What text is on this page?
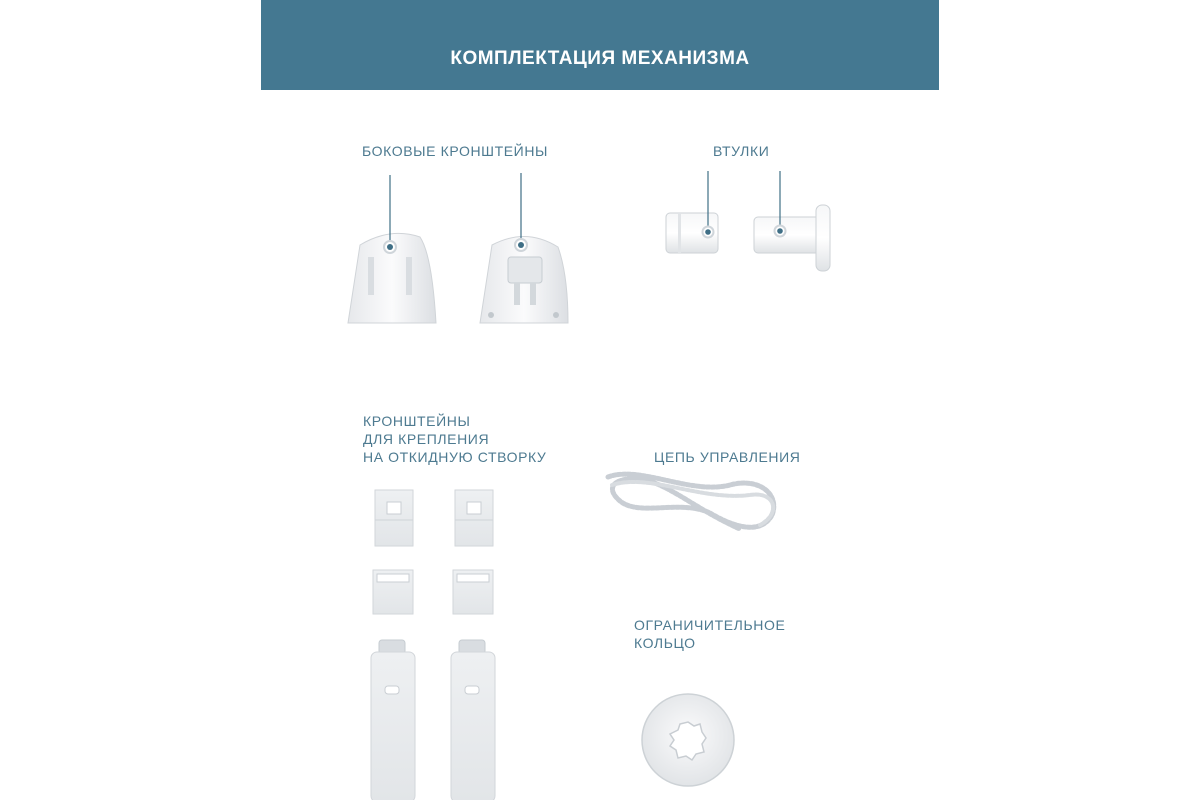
КОМПЛЕКТАЦИЯ МЕХАНИЗМА
БОКОВЫЕ КРОНШТЕЙНЫ	ВТУЛКИ
КРОНШТЕЙНЫ
ДЛЯ КРЕПЛЕНИЯ
НА ОТКИДНУЮ СТВОРКУ	ЦЕПЬ УПРАВЛЕНИЯ
ОГРАНИЧИТЕЛЬНОЕ
КОЛЬЦО
